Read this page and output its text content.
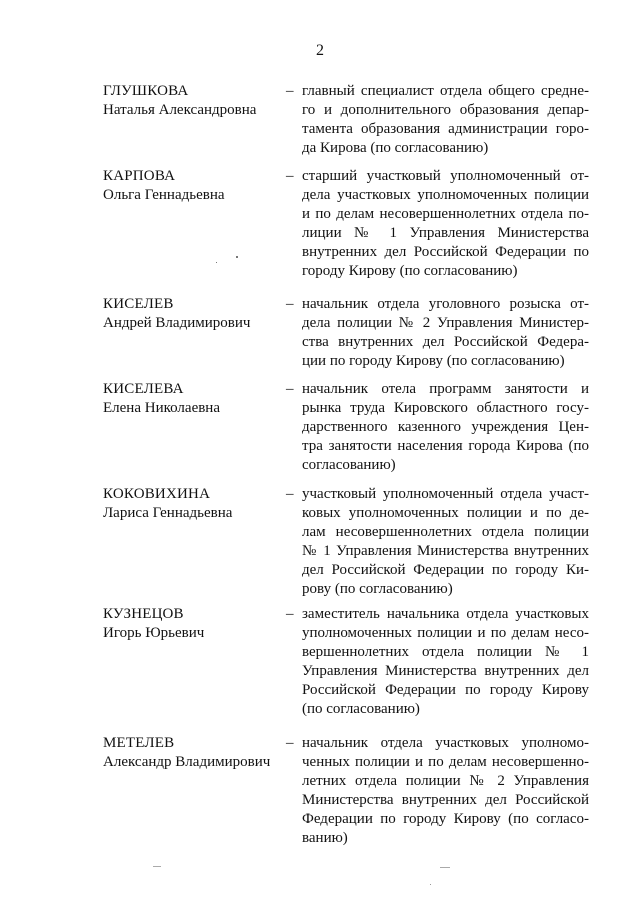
2
ГЛУШКОВА
Наталья Александровна
– главный специалист отдела общего средне-
го и дополнительного образования депар-
тамента образования администрации горо-
да Кирова (по согласованию)
КАРПОВА
Ольга Геннадьевна
– старший участковый уполномоченный от-
дела участковых уполномоченных полиции
и по делам несовершеннолетних отдела по-
лиции № 1 Управления Министерства
внутренних дел Российской Федерации по
городу Кирову (по согласованию)
КИСЕЛЕВ
Андрей Владимирович
– начальник отдела уголовного розыска от-
дела полиции № 2 Управления Министер-
ства внутренних дел Российской Федера-
ции по городу Кирову (по согласованию)
КИСЕЛЕВА
Елена Николаевна
– начальник отела программ занятости и
рынка труда Кировского областного госу-
дарственного казенного учреждения Цен-
тра занятости населения города Кирова (по
согласованию)
КОКОВИХИНА
Лариса Геннадьевна
– участковый уполномоченный отдела участ-
ковых уполномоченных полиции и по де-
лам несовершеннолетних отдела полиции
№ 1 Управления Министерства внутренних
дел Российской Федерации по городу Ки-
рову (по согласованию)
КУЗНЕЦОВ
Игорь Юрьевич
– заместитель начальника отдела участковых
уполномоченных полиции и по делам несо-
вершеннолетних отдела полиции № 1
Управления Министерства внутренних дел
Российской Федерации по городу Кирову
(по согласованию)
МЕТЕЛЕВ
Александр Владимирович
– начальник отдела участковых уполномо-
ченных полиции и по делам несовершенно-
летних отдела полиции № 2 Управления
Министерства внутренних дел Российской
Федерации по городу Кирову (по согласо-
ванию)
